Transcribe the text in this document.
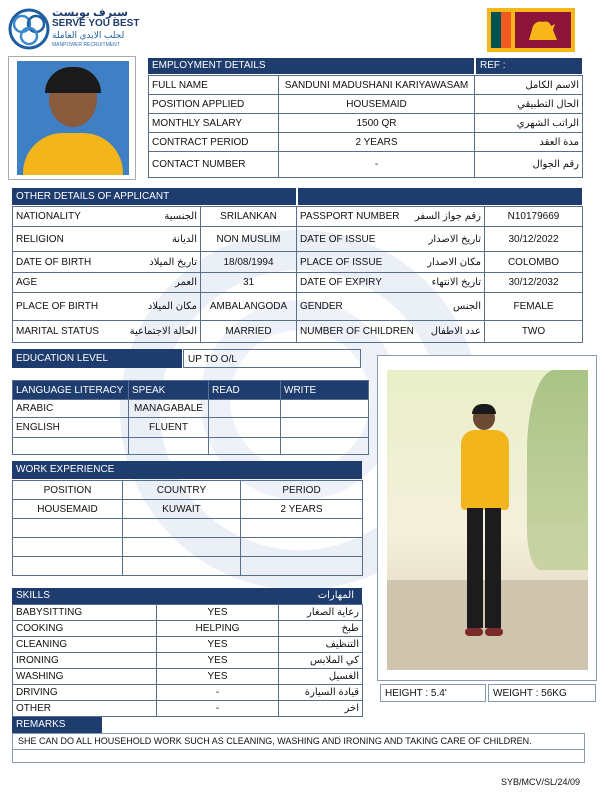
سيرف يوبست
SERVE YOU BEST
لجلب الايدي العاملة
MANPOWER RECRUITMENT
EMPLOYMENT DETAILS	REF :
FULL NAME	SANDUNI MADUSHANI KARIYAWASAM	الاسم الكامل
POSITION APPLIED	HOUSEMAID	الحال التطبيقي
MONTHLY SALARY	1500 QR	الراتب الشهري
CONTRACT PERIOD	2 YEARS	مدة العقد
CONTACT NUMBER	-	رقم الجوال
OTHER DETAILS OF APPLICANT
NATIONALITY الجنسية	SRILANKAN	PASSPORT NUMBER رقم جواز السفر	N10179669

RELIGION الديانة	NON MUSLIM	DATE OF ISSUE تاريخ الاصدار	30/12/2022

DATE OF BIRTH تاريخ الميلاد	18/08/1994	PLACE OF ISSUE مكان الاصدار	COLOMBO

AGE العمر	31	DATE OF EXPIRY تاريخ الانتهاء	30/12/2032

PLACE OF BIRTH مكان الميلاد	AMBALANGODA	GENDER الجنس	FEMALE

MARITAL STATUS الحالة الاجتماعية	MARRIED	NUMBER OF CHILDREN عدد الاطفال	TWO
EDUCATION LEVEL	UP TO O/L
LANGUAGE LITERACY	SPEAK	READ	WRITE
ARABIC	MANAGABALE		
ENGLISH	FLUENT		

WORK EXPERIENCE
POSITION	COUNTRY	PERIOD
HOUSEMAID	KUWAIT	2 YEARS

SKILLS	المهارات
BABYSITTING	YES	رعاية الصغار
COOKING	HELPING	طبخ
CLEANING	YES	التنظيف
IRONING	YES	كي الملابس
WASHING	YES	الغسيل
DRIVING	-	قيادة السيارة
OTHER	-	اخر
HEIGHT : 5.4'	WEIGHT : 56KG
REMARKS
SHE CAN DO ALL HOUSEHOLD WORK SUCH AS CLEANING, WASHING AND IRONING AND TAKING CARE OF CHILDREN.
SYB/MCV/SL/24/09
